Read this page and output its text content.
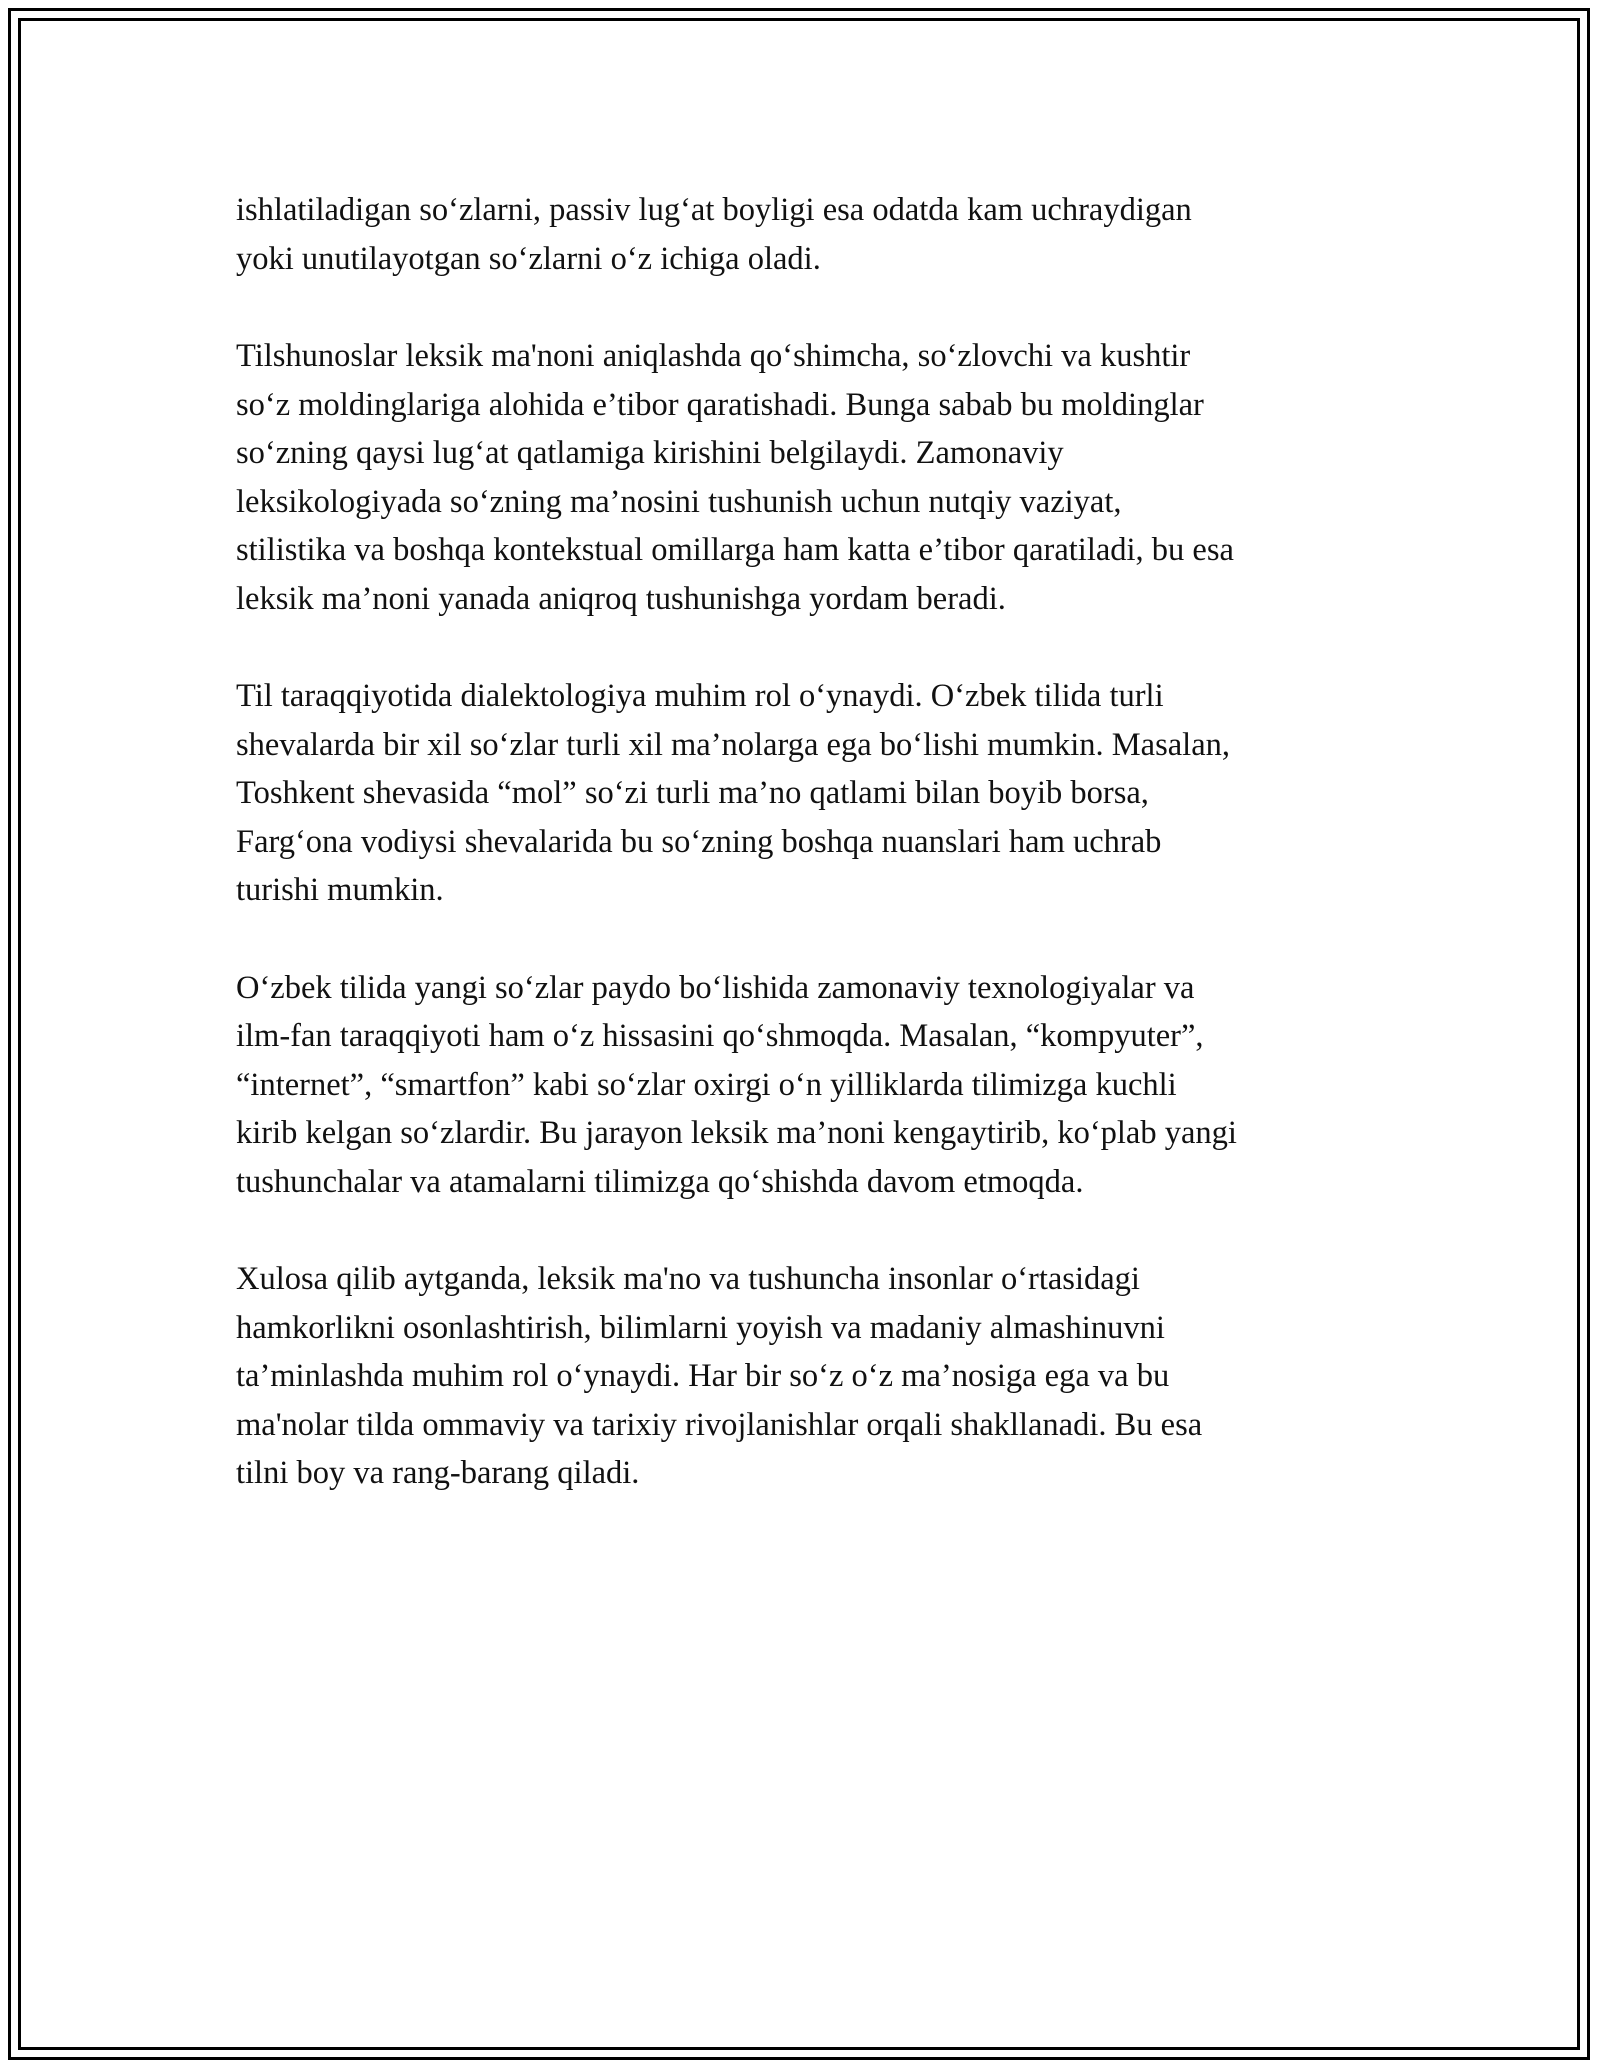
ishlatiladigan so‘zlarni, passiv lug‘at boyligi esa odatda kam uchraydigan
yoki unutilayotgan so‘zlarni o‘z ichiga oladi.

Tilshunoslar leksik ma'noni aniqlashda qo‘shimcha, so‘zlovchi va kushtir
so‘z moldinglariga alohida e’tibor qaratishadi. Bunga sabab bu moldinglar
so‘zning qaysi lug‘at qatlamiga kirishini belgilaydi. Zamonaviy
leksikologiyada so‘zning ma’nosini tushunish uchun nutqiy vaziyat,
stilistika va boshqa kontekstual omillarga ham katta e’tibor qaratiladi, bu esa
leksik ma’noni yanada aniqroq tushunishga yordam beradi.

Til taraqqiyotida dialektologiya muhim rol o‘ynaydi. O‘zbek tilida turli
shevalarda bir xil so‘zlar turli xil ma’nolarga ega bo‘lishi mumkin. Masalan,
Toshkent shevasida “mol” so‘zi turli ma’no qatlami bilan boyib borsa,
Farg‘ona vodiysi shevalarida bu so‘zning boshqa nuanslari ham uchrab
turishi mumkin.

O‘zbek tilida yangi so‘zlar paydo bo‘lishida zamonaviy texnologiyalar va
ilm-fan taraqqiyoti ham o‘z hissasini qo‘shmoqda. Masalan, “kompyuter”,
“internet”, “smartfon” kabi so‘zlar oxirgi o‘n yilliklarda tilimizga kuchli
kirib kelgan so‘zlardir. Bu jarayon leksik ma’noni kengaytirib, ko‘plab yangi
tushunchalar va atamalarni tilimizga qo‘shishda davom etmoqda.

Xulosa qilib aytganda, leksik ma'no va tushuncha insonlar o‘rtasidagi
hamkorlikni osonlashtirish, bilimlarni yoyish va madaniy almashinuvni
ta’minlashda muhim rol o‘ynaydi. Har bir so‘z o‘z ma’nosiga ega va bu
ma'nolar tilda ommaviy va tarixiy rivojlanishlar orqali shakllanadi. Bu esa
tilni boy va rang-barang qiladi.
